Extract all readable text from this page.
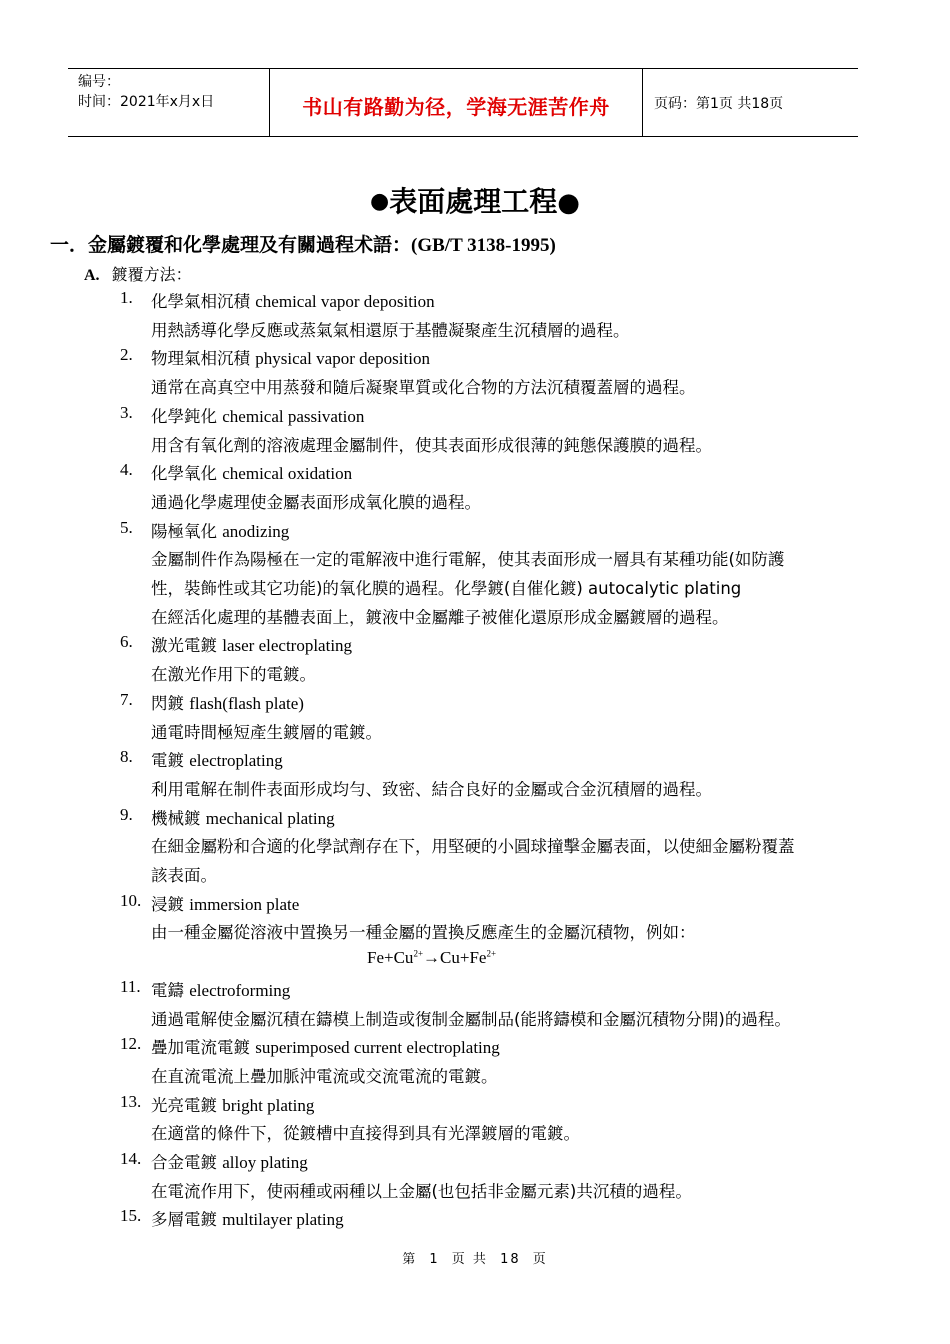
编号：
时间：2021年x月x日	书山有路勤为径，学海无涯苦作舟	页码：第1页 共18页
●表面處理工程●
一．金屬鍍覆和化學處理及有關過程术語：(GB/T 3138-1995)
A. 鍍覆方法：
1. 化學氣相沉積 chemical vapor deposition
用熱誘導化學反應或蒸氣氣相還原于基體凝聚產生沉積層的過程。
2. 物理氣相沉積 physical vapor deposition
通常在高真空中用蒸發和隨后凝聚單質或化合物的方法沉積覆蓋層的過程。
3. 化學鈍化 chemical passivation
用含有氧化劑的溶液處理金屬制件，使其表面形成很薄的鈍態保護膜的過程。
4. 化學氧化 chemical oxidation
通過化學處理使金屬表面形成氧化膜的過程。
5. 陽極氧化 anodizing
金屬制件作為陽極在一定的電解液中進行電解，使其表面形成一層具有某種功能(如防護
性，裝飾性或其它功能)的氧化膜的過程。化學鍍(自催化鍍) autocalytic plating
在經活化處理的基體表面上，鍍液中金屬離子被催化還原形成金屬鍍層的過程。
6. 激光電鍍 laser electroplating
在激光作用下的電鍍。
7. 閃鍍 flash(flash plate)
通電時間極短產生鍍層的電鍍。
8. 電鍍 electroplating
利用電解在制件表面形成均勻、致密、結合良好的金屬或合金沉積層的過程。
9. 機械鍍 mechanical plating
在細金屬粉和合適的化學試劑存在下，用堅硬的小圓球撞擊金屬表面，以使細金屬粉覆蓋
該表面。
10. 浸鍍 immersion plate
由一種金屬從溶液中置換另一種金屬的置換反應產生的金屬沉積物，例如：
$Fe+Cu^{2+}\to Cu+Fe^{2+}$
11. 電鑄 electroforming
通過電解使金屬沉積在鑄模上制造或復制金屬制品(能將鑄模和金屬沉積物分開)的過程。
12. 疊加電流電鍍 superimposed current electroplating
在直流電流上疊加脈沖電流或交流電流的電鍍。
13. 光亮電鍍 bright plating
在適當的條件下，從鍍槽中直接得到具有光澤鍍層的電鍍。
14. 合金電鍍 alloy plating
在電流作用下，使兩種或兩種以上金屬(也包括非金屬元素)共沉積的過程。
15. 多層電鍍 multilayer plating
第 1 页 共 18 页
